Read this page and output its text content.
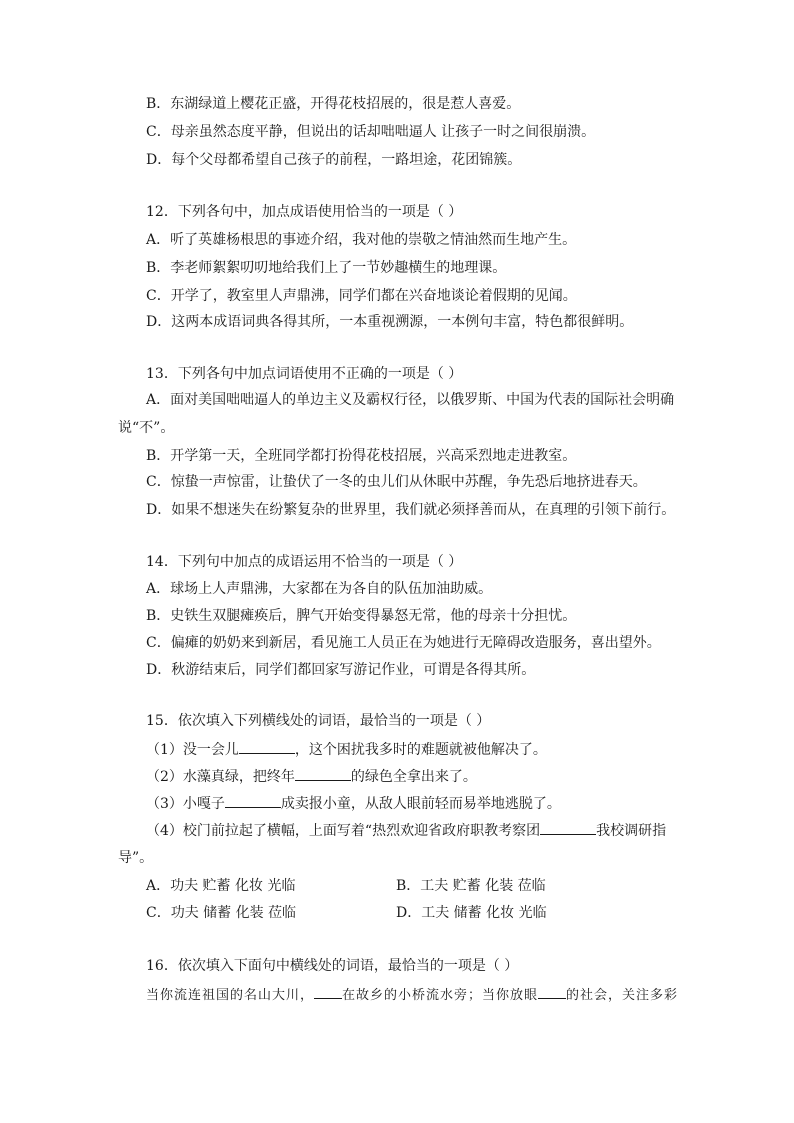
B．东湖绿道上樱花正盛，开得花枝招展的，很是惹人喜爱。
C．母亲虽然态度平静，但说出的话却咄咄逼人 让孩子一时之间很崩溃。
D．每个父母都希望自己孩子的前程，一路坦途，花团锦簇。
12．下列各句中，加点成语使用恰当的一项是（ ）
A．听了英雄杨根思的事迹介绍，我对他的崇敬之情油然而生地产生。
B．李老师絮絮叨叨地给我们上了一节妙趣横生的地理课。
C．开学了，教室里人声鼎沸，同学们都在兴奋地谈论着假期的见闻。
D．这两本成语词典各得其所，一本重视溯源，一本例句丰富，特色都很鲜明。
13．下列各句中加点词语使用不正确的一项是（ ）
A．面对美国咄咄逼人的单边主义及霸权行径，以俄罗斯、中国为代表的国际社会明确
说“不”。
B．开学第一天，全班同学都打扮得花枝招展，兴高采烈地走进教室。
C．惊蛰一声惊雷，让蛰伏了一冬的虫儿们从休眠中苏醒，争先恐后地挤进春天。
D．如果不想迷失在纷繁复杂的世界里，我们就必须择善而从，在真理的引领下前行。
14．下列句中加点的成语运用不恰当的一项是（ ）
A．球场上人声鼎沸，大家都在为各自的队伍加油助威。
B．史铁生双腿瘫痪后，脾气开始变得暴怒无常，他的母亲十分担忧。
C．偏瘫的奶奶来到新居，看见施工人员正在为她进行无障碍改造服务，喜出望外。
D．秋游结束后，同学们都回家写游记作业，可谓是各得其所。
15．依次填入下列横线处的词语，最恰当的一项是（ ）
（1）没一会儿	，这个困扰我多时的难题就被他解决了。
（2）水藻真绿，把终年	的绿色全拿出来了。
（3）小嘎子	成卖报小童，从敌人眼前轻而易举地逃脱了。
（4）校门前拉起了横幅，上面写着“热烈欢迎省政府职教考察团	我校调研指
导”。
A．功夫 贮蓄 化妆 光临	B．工夫 贮蓄 化装 莅临
C．功夫 储蓄 化装 莅临	D．工夫 储蓄 化妆 光临
16．依次填入下面句中横线处的词语，最恰当的一项是（ ）
当你流连祖国的名山大川， 在故乡的小桥流水旁；当你放眼 的社会，关注多彩
